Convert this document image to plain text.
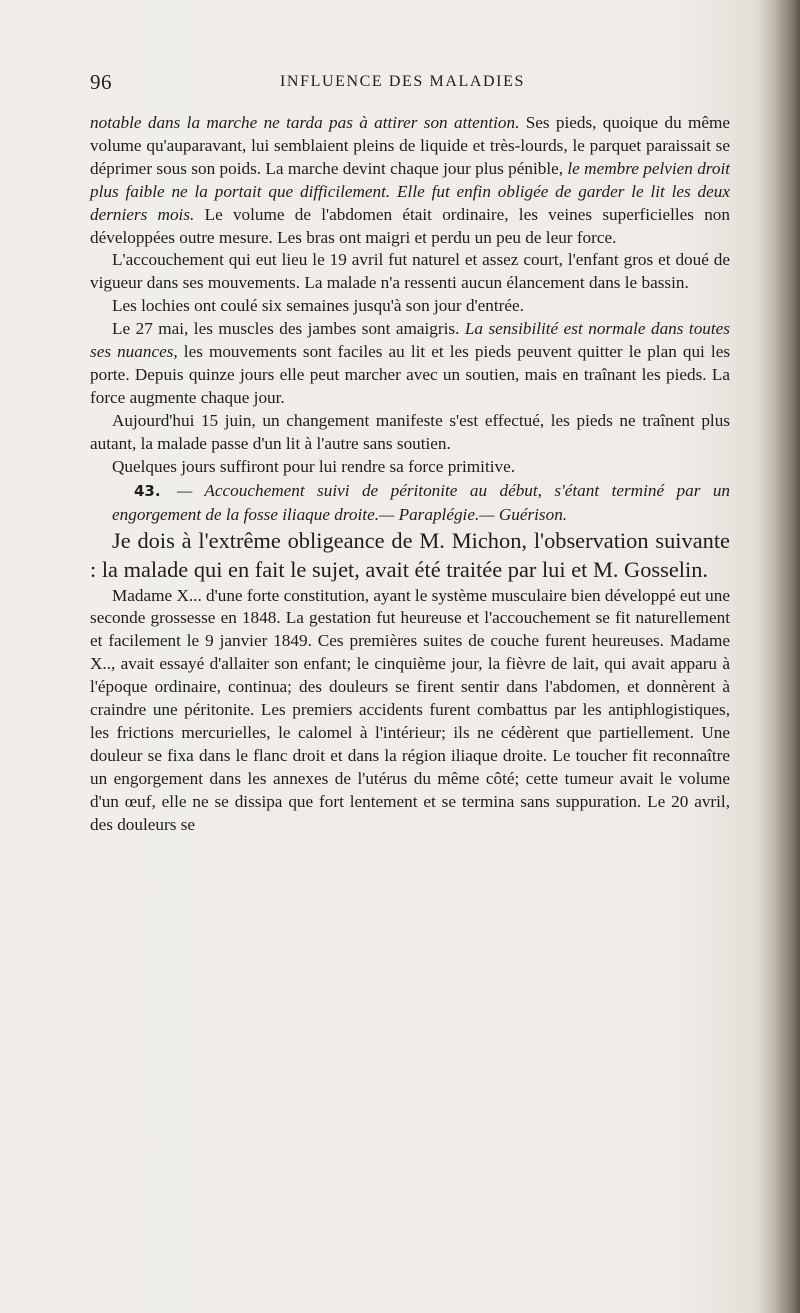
96	INFLUENCE DES MALADIES

notable dans la marche ne tarda pas à attirer son attention. Ses pieds, quoique du même volume qu'auparavant, lui semblaient pleins de liquide et très-lourds, le parquet paraissait se déprimer sous son poids. La marche devint chaque jour plus pénible, le membre pelvien droit plus faible ne la portait que difficilement. Elle fut enfin obligée de garder le lit les deux derniers mois. Le volume de l'abdomen était ordinaire, les veines superficielles non développées outre mesure. Les bras ont maigri et perdu un peu de leur force.

L'accouchement qui eut lieu le 19 avril fut naturel et assez court, l'enfant gros et doué de vigueur dans ses mouvements. La malade n'a ressenti aucun élancement dans le bassin.

Les lochies ont coulé six semaines jusqu'à son jour d'entrée.

Le 27 mai, les muscles des jambes sont amaigris. La sensibilité est normale dans toutes ses nuances, les mouvements sont faciles au lit et les pieds peuvent quitter le plan qui les porte. Depuis quinze jours elle peut marcher avec un soutien, mais en traînant les pieds. La force augmente chaque jour.

Aujourd'hui 15 juin, un changement manifeste s'est effectué, les pieds ne traînent plus autant, la malade passe d'un lit à l'autre sans soutien.

Quelques jours suffiront pour lui rendre sa force primitive.

43. — Accouchement suivi de péritonite au début, s'étant terminé par un engorgement de la fosse iliaque droite.— Paraplégie.— Guérison.

Je dois à l'extrême obligeance de M. Michon, l'observation suivante : la malade qui en fait le sujet, avait été traitée par lui et M. Gosselin.

Madame X... d'une forte constitution, ayant le système musculaire bien développé eut une seconde grossesse en 1848. La gestation fut heureuse et l'accouchement se fit naturellement et facilement le 9 janvier 1849. Ces premières suites de couche furent heureuses. Madame X.., avait essayé d'allaiter son enfant; le cinquième jour, la fièvre de lait, qui avait apparu à l'époque ordinaire, continua; des douleurs se firent sentir dans l'abdomen, et donnèrent à craindre une péritonite. Les premiers accidents furent combattus par les antiphlogistiques, les frictions mercurielles, le calomel à l'intérieur; ils ne cédèrent que partiellement. Une douleur se fixa dans le flanc droit et dans la région iliaque droite. Le toucher fit reconnaître un engorgement dans les annexes de l'utérus du même côté; cette tumeur avait le volume d'un œuf, elle ne se dissipa que fort lentement et se termina sans suppuration. Le 20 avril, des douleurs se
